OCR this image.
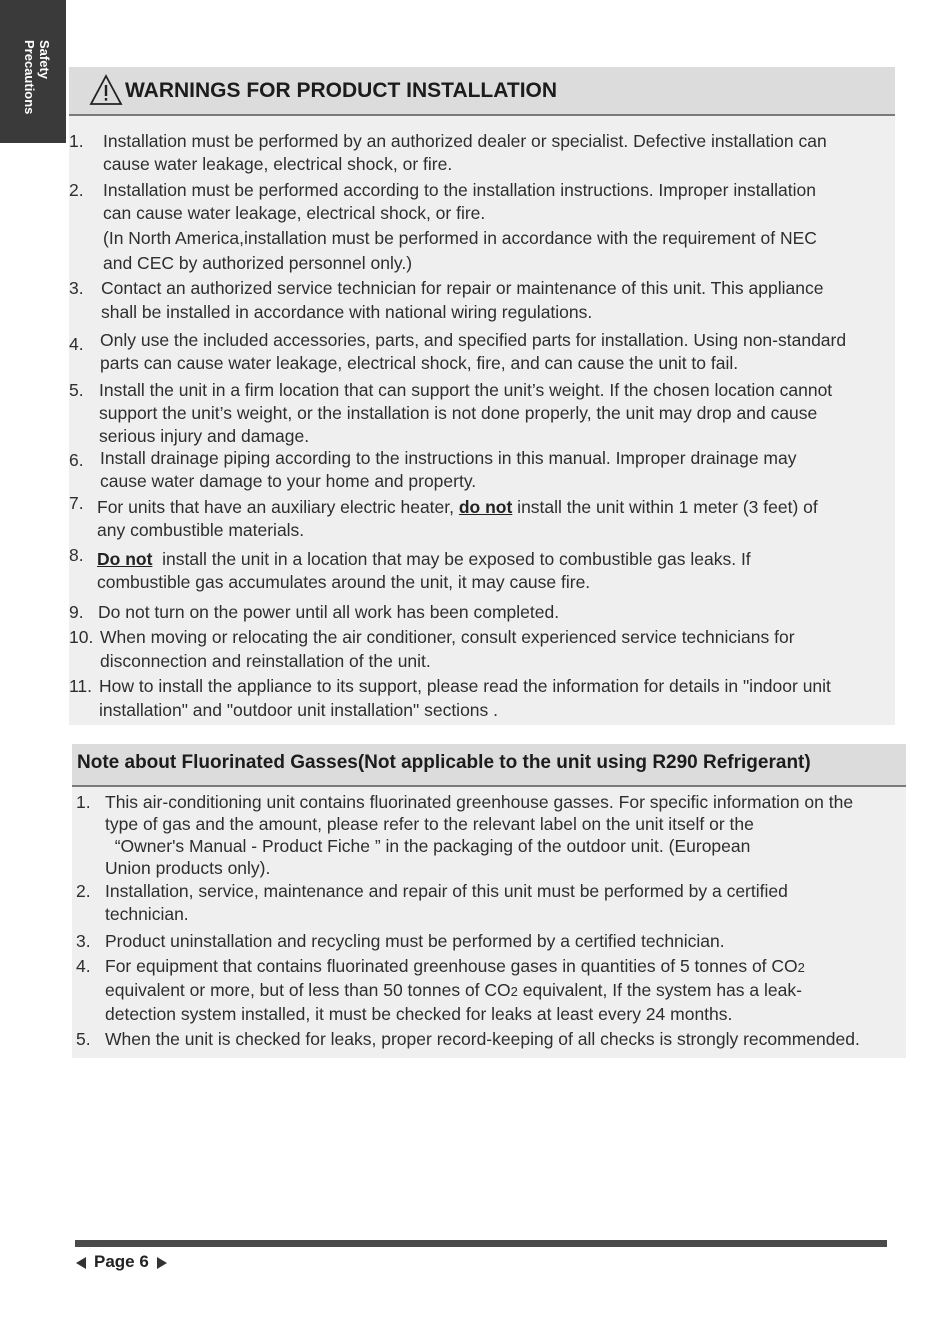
Safety
Precautions	WARNINGS FOR PRODUCT INSTALLATION
1. Installation must be performed by an authorized dealer or specialist. Defective installation can
cause water leakage, electrical shock, or fire.
2. Installation must be performed according to the installation instructions. Improper installation
can cause water leakage, electrical shock, or fire.
(In North America,installation must be performed in accordance with the requirement of NEC
and CEC by authorized personnel only.)
3. Contact an authorized service technician for repair or maintenance of this unit. This appliance
shall be installed in accordance with national wiring regulations.
4. Only use the included accessories, parts, and specified parts for installation. Using non-standard
parts can cause water leakage, electrical shock, fire, and can cause the unit to fail.
5. Install the unit in a firm location that can support the unit’s weight. If the chosen location cannot
support the unit’s weight, or the installation is not done properly, the unit may drop and cause
serious injury and damage.
6. Install drainage piping according to the instructions in this manual. Improper drainage may
cause water damage to your home and property.
7. For units that have an auxiliary electric heater, do not install the unit within 1 meter (3 feet) of
any combustible materials.
8. Do not  install the unit in a location that may be exposed to combustible gas leaks. If
combustible gas accumulates around the unit, it may cause fire.
9. Do not turn on the power until all work has been completed.
10. When moving or relocating the air conditioner, consult experienced service technicians for
disconnection and reinstallation of the unit.
11. How to install the appliance to its support, please read the information for details in "indoor unit
installation" and "outdoor unit installation" sections .
Note about Fluorinated Gasses(Not applicable to the unit using R290 Refrigerant)
1. This air-conditioning unit contains fluorinated greenhouse gasses. For specific information on the
type of gas and the amount, please refer to the relevant label on the unit itself or the
“Owner's Manual - Product Fiche ” in the packaging of the outdoor unit. (European
Union products only).
2. Installation, service, maintenance and repair of this unit must be performed by a certified
technician.
3. Product uninstallation and recycling must be performed by a certified technician.
4. For equipment that contains fluorinated greenhouse gases in quantities of 5 tonnes of CO2
equivalent or more, but of less than 50 tonnes of CO2 equivalent, If the system has a leak-
detection system installed, it must be checked for leaks at least every 24 months.
5. When the unit is checked for leaks, proper record-keeping of all checks is strongly recommended.
Page 6
